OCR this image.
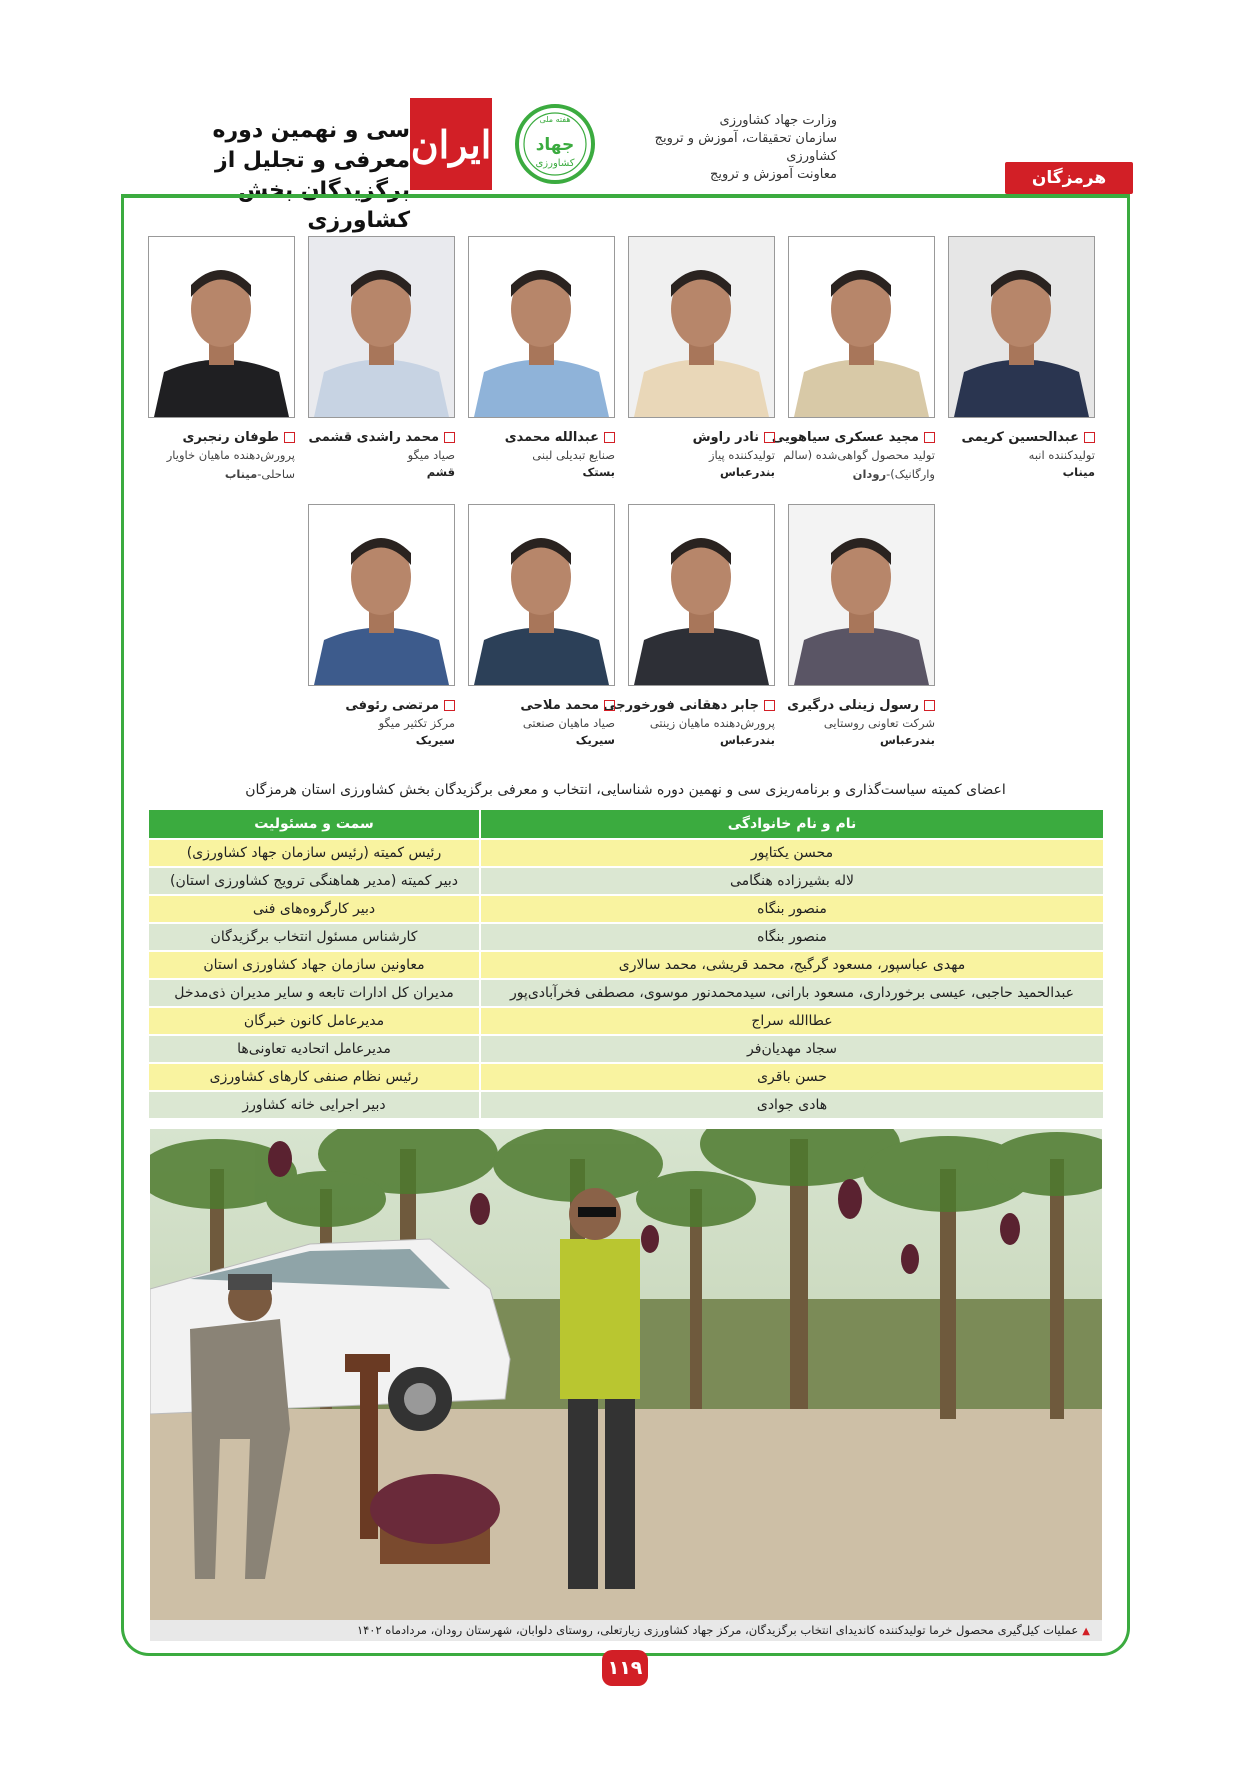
سی و نهمین دوره معرفی و تجلیل از
برگزیدگان بخش کشاورزی
ایران
هفته ملی
جهاد
کشاورزی
وزارت جهاد کشاورزی
سازمان تحقیقات، آموزش و ترویج کشاورزی
معاونت آموزش و ترویج	هرمزگان
عبدالحسین کریمی
تولیدکننده انبه
میناب
مجید عسکری سیاهویی
تولید محصول گواهی‌شده (سالم
وارگانیک)-رودان
نادر راوش
تولیدکننده پیاز
بندرعباس
عبدالله محمدی
صنایع تبدیلی لبنی
بستک
محمد راشدی قشمی
صیاد میگو
قشم
طوفان رنجبری
پرورش‌دهنده ماهیان خاویار
ساحلی-میناب
رسول زینلی درگیری
شرکت تعاونی روستایی
بندرعباس
جابر دهقانی فورخورجی
پرورش‌دهنده ماهیان زینتی
بندرعباس
محمد ملاحی
صیاد ماهیان صنعتی
سیریک
مرتضی رئوفی
مرکز تکثیر میگو
سیریک
اعضای کمیته سیاست‌گذاری و برنامه‌ریزی سی و نهمین دوره شناسایی، انتخاب و معرفی برگزیدگان بخش کشاورزی استان هرمزگان
نام و نام خانوادگی		سمت و مسئولیت
محسن یکتاپور		رئیس کمیته (رئیس سازمان جهاد کشاورزی)
لاله بشیرزاده هنگامی		دبیر کمیته (مدیر هماهنگی ترویج کشاورزی استان)
منصور بنگاه		دبیر کارگروه‌های فنی
منصور بنگاه		کارشناس مسئول انتخاب برگزیدگان
مهدی عباسپور، مسعود گرگیج، محمد قریشی، محمد سالاری		معاونین سازمان جهاد کشاورزی استان
عبدالحمید حاجبی، عیسی برخورداری، مسعود بارانی، سیدمحمدنور موسوی، مصطفی فخرآبادی‌پور		مدیران کل ادارات تابعه و سایر مدیران ذی‌مدخل
عطاالله سراج		مدیرعامل کانون خبرگان
سجاد مهدیان‌فر		مدیرعامل اتحادیه تعاونی‌ها
حسن باقری		رئیس نظام صنفی کارهای کشاورزی
هادی جوادی		دبیر اجرایی خانه کشاورز
▲عملیات کیل‌گیری محصول خرما تولیدکننده کاندیدای انتخاب برگزیدگان، مرکز جهاد کشاورزی زیارتعلی، روستای دلوابان، شهرستان رودان، مردادماه ۱۴۰۲
۱۱۹
